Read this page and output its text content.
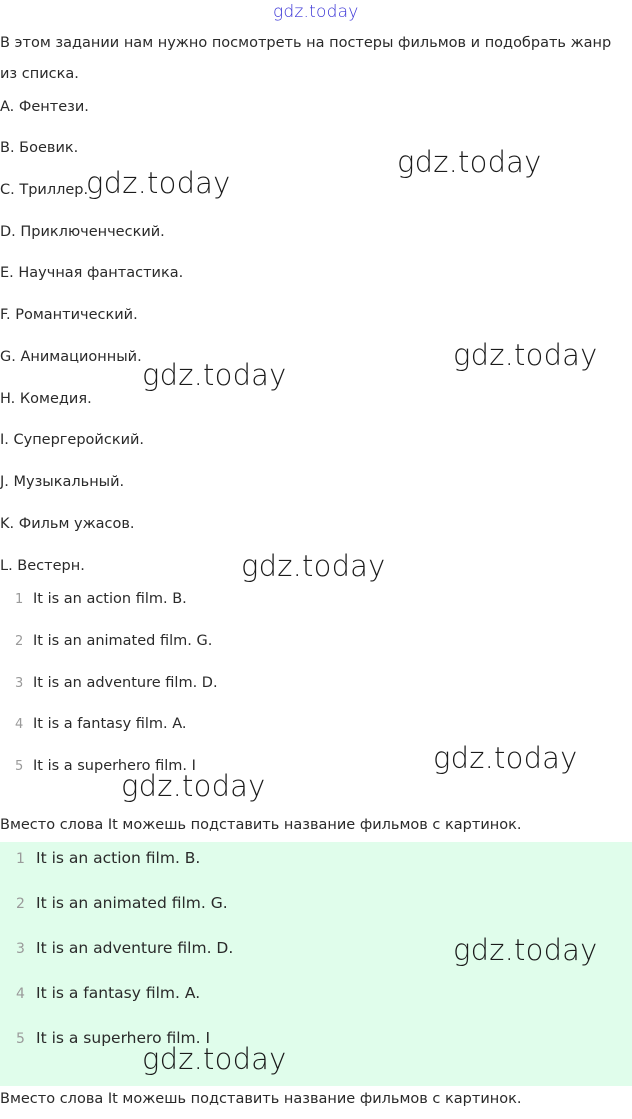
gdz.today
В этом задании нам нужно посмотреть на постеры фильмов и подобрать жанр
из списка.
A. Фентези.
B. Боевик.
C. Триллер.
D. Приключенческий.
E. Научная фантастика.
F. Романтический.
G. Анимационный.
H. Комедия.
I. Супергеройский.
J. Музыкальный.
K. Фильм ужасов.
L. Вестерн.
1 It is an action film. B.
2 It is an animated film. G.
3 It is an adventure film. D.
4 It is a fantasy film. A.
5 It is a superhero film. I
Вместо слова It можешь подставить название фильмов с картинок.
1 It is an action film. B.
2 It is an animated film. G.
3 It is an adventure film. D.
4 It is a fantasy film. A.
5 It is a superhero film. I
Вместо слова It можешь подставить название фильмов с картинок.
gdz.today
gdz.today
gdz.today
gdz.today
gdz.today
gdz.today
gdz.today
gdz.today
gdz.today
